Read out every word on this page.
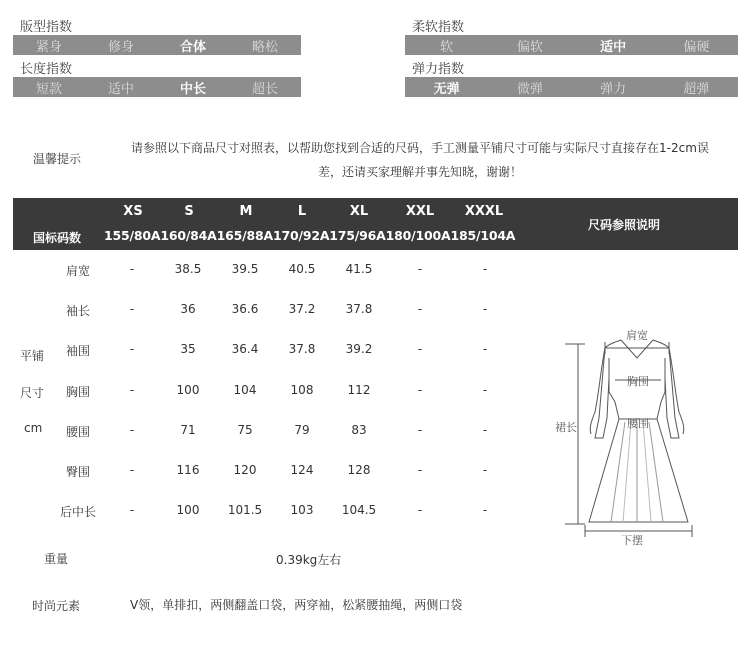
版型指数
紧身	修身	合体	略松
柔软指数
软	偏软	适中	偏硬
长度指数
短款	适中	中长	超长
弹力指数
无弹	微弹	弹力	超弹
温馨提示
请参照以下商品尺寸对照表，以帮助您找到合适的尺码，手工测量平铺尺寸可能与实际尺寸直接存在1-2cm误
差，还请买家理解并事先知晓，谢谢！
XS	S	M	L	XL	XXL	XXXL
国标码数 155/80A160/84A165/88A170/92A175/96A180/100A185/104A
尺码参照说明
平铺
尺寸
cm
肩宽	-	38.5	39.5	40.5	41.5	-	-
袖长	-	36	36.6	37.2	37.8	-	-
袖围	-	35	36.4	37.8	39.2	-	-
胸围	-	100	104	108	112	-	-
腰围	-	71	75	79	83	-	-
臀围	-	116	120	124	128	-	-
后中长	-	100	101.5	103	104.5	-	-
肩宽
胸围
腰围
裙长
下摆
重量	0.39kg左右
时尚元素	V领，单排扣，两侧翻盖口袋，两穿袖，松紧腰抽绳，两侧口袋
